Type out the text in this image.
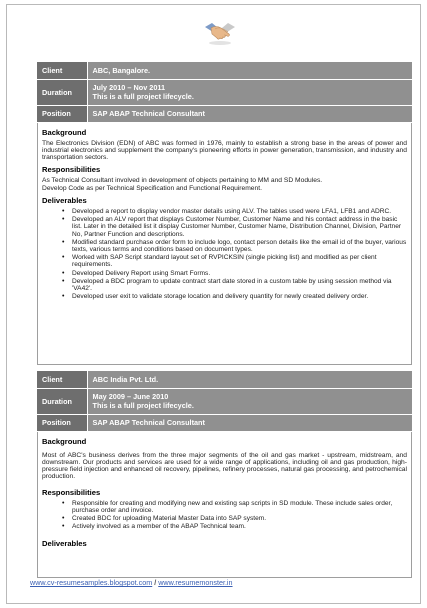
Client	ABC, Bangalore.
Duration	July 2010 – Nov 2011
This is a full project lifecycle.

Position	SAP ABAP Technical Consultant
Background
The Electronics Division (EDN) of ABC was formed in 1976, mainly to establish a strong base in the areas of power and industrial electronics and supplement the company's pioneering efforts in power generation, transmission, and industry and transportation sectors.
Responsibilities
As Technical Consultant involved in development of objects pertaining to MM and SD Modules.
Develop Code as per Technical Specification and Functional Requirement.
Deliverables
• Developed a report to display vendor master details using ALV. The tables used were LFA1, LFB1 and ADRC.
• Developed an ALV report that displays Customer Number, Customer Name and his contact address in the basic list. Later in the detailed list it display Customer Number, Customer Name, Distribution Channel, Division, Partner No, Partner Function and descriptions.
• Modified standard purchase order form to include logo, contact person details like the email id of the buyer, various texts, various terms and conditions based on document types.
• Worked with SAP Script standard layout set of RVPICKSIN (single picking list) and modified as per client requirements.
• Developed Delivery Report using Smart Forms.
• Developed a BDC program to update contract start date stored in a custom table by using session method via 'VA42'.
• Developed user exit to validate storage location and delivery quantity for newly created delivery order.
Client	ABC India Pvt. Ltd.
Duration	May 2009 – June 2010
This is a full project lifecycle.

Position	SAP ABAP Technical Consultant
Background
Most of ABC's business derives from the three major segments of the oil and gas market - upstream, midstream, and downstream. Our products and services are used for a wide range of applications, including oil and gas production, high-pressure field injection and enhanced oil recovery, pipelines, refinery processes, natural gas processing, and petrochemical production.
Responsibilities
• Responsible for creating and modifying new and existing sap scripts in SD module. These include sales order, purchase order and invoice.
• Created BDC for uploading Material Master Data into SAP system.
• Actively involved as a member of the ABAP Technical team.
Deliverables
www.cv-resumesamples.blogspot.com / www.resumemonster.in
